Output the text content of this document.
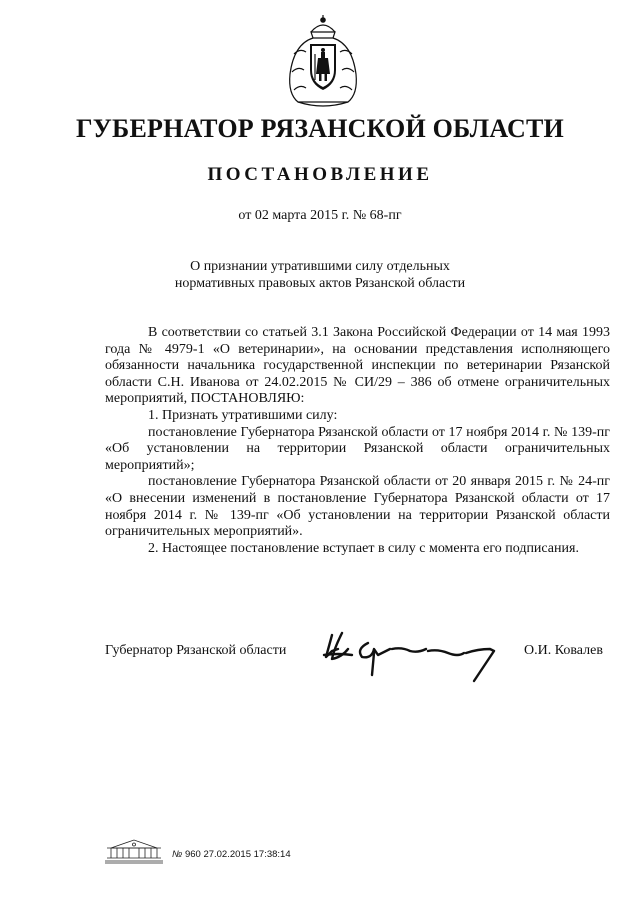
ГУБЕРНАТОР РЯЗАНСКОЙ ОБЛАСТИ
ПОСТАНОВЛЕНИЕ
от 02 марта 2015 г. № 68-пг
О признании утратившими силу отдельных
нормативных правовых актов Рязанской области

В соответствии со статьей 3.1 Закона Российской Федерации от 14 мая 1993 года № 4979-1 «О ветеринарии», на основании представления исполняющего обязанности начальника государственной инспекции по ветеринарии Рязанской области С.Н. Иванова от 24.02.2015 № СИ/29 – 386 об отмене ограничительных мероприятий, ПОСТАНОВЛЯЮ:

1. Признать утратившими силу:

постановление Губернатора Рязанской области от 17 ноября 2014 г. № 139-пг «Об установлении на территории Рязанской области ограничительных мероприятий»;

постановление Губернатора Рязанской области от 20 января 2015 г. № 24-пг «О внесении изменений в постановление Губернатора Рязанской области от 17 ноября 2014 г. № 139-пг «Об установлении на территории Рязанской области ограничительных мероприятий».

2. Настоящее постановление вступает в силу с момента его подписания.

Губернатор Рязанской области	О.И. Ковалев
№ 960 27.02.2015 17:38:14
